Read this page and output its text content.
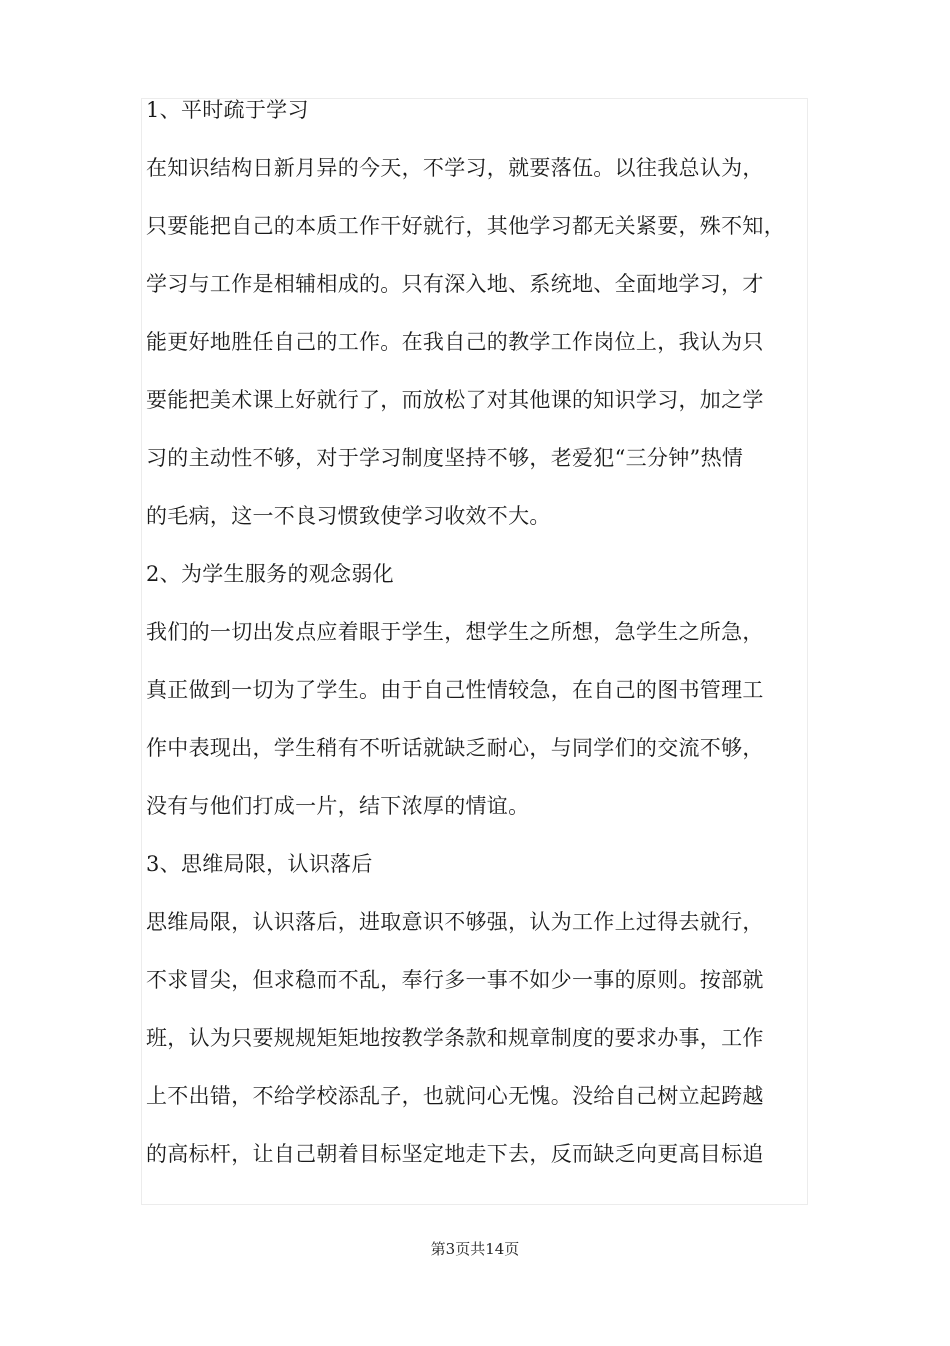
1、平时疏于学习
在知识结构日新月异的今天，不学习，就要落伍。以往我总认为，
只要能把自己的本质工作干好就行，其他学习都无关紧要，殊不知，
学习与工作是相辅相成的。只有深入地、系统地、全面地学习，才
能更好地胜任自己的工作。在我自己的教学工作岗位上，我认为只
要能把美术课上好就行了，而放松了对其他课的知识学习，加之学
习的主动性不够，对于学习制度坚持不够，老爱犯“三分钟”热情
的毛病，这一不良习惯致使学习收效不大。
2、为学生服务的观念弱化
我们的一切出发点应着眼于学生，想学生之所想，急学生之所急，
真正做到一切为了学生。由于自己性情较急，在自己的图书管理工
作中表现出，学生稍有不听话就缺乏耐心，与同学们的交流不够，
没有与他们打成一片，结下浓厚的情谊。
3、思维局限，认识落后
思维局限，认识落后，进取意识不够强，认为工作上过得去就行，
不求冒尖，但求稳而不乱，奉行多一事不如少一事的原则。按部就
班，认为只要规规矩矩地按教学条款和规章制度的要求办事，工作
上不出错，不给学校添乱子，也就问心无愧。没给自己树立起跨越
的高标杆，让自己朝着目标坚定地走下去，反而缺乏向更高目标追
第3页共14页
